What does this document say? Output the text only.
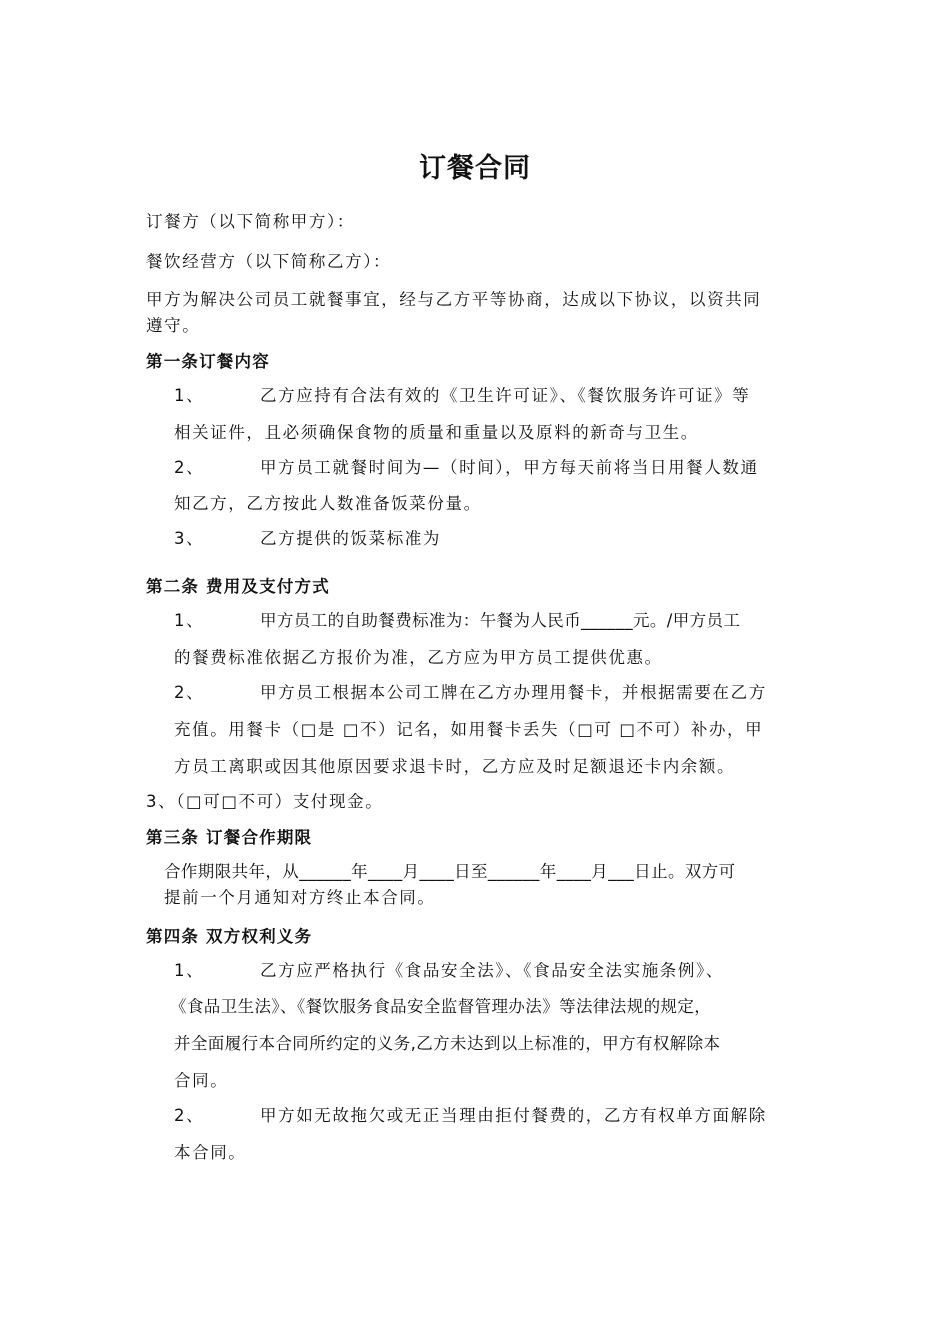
订餐合同
订餐方（以下简称甲方）：
餐饮经营方（以下简称乙方）：
甲方为解决公司员工就餐事宜，经与乙方平等协商，达成以下协议，以资共同
遵守。
第一条订餐内容
1、	乙方应持有合法有效的《卫生许可证》、《餐饮服务许可证》等
相关证件，且必须确保食物的质量和重量以及原料的新奇与卫生。
2、	甲方员工就餐时间为—（时间），甲方每天前将当日用餐人数通
知乙方，乙方按此人数准备饭菜份量。
3、	乙方提供的饭菜标准为
第二条 费用及支付方式
1、	甲方员工的自助餐费标准为：午餐为人民币______元。/甲方员工
的餐费标准依据乙方报价为准，乙方应为甲方员工提供优惠。
2、	甲方员工根据本公司工牌在乙方办理用餐卡，并根据需要在乙方
充值。用餐卡（□是 □不）记名，如用餐卡丢失（□可 □不可）补办，甲
方员工离职或因其他原因要求退卡时，乙方应及时足额退还卡内余额。
3、（□可□不可）支付现金。
第三条 订餐合作期限
合作期限共年，从______年____月____日至______年____月___日止。双方可
提前一个月通知对方终止本合同。
第四条 双方权利义务
1、	乙方应严格执行《食品安全法》、《食品安全法实施条例》、
《食品卫生法》、《餐饮服务食品安全监督管理办法》等法律法规的规定，
并全面履行本合同所约定的义务,乙方未达到以上标准的，甲方有权解除本
合同。
2、	甲方如无故拖欠或无正当理由拒付餐费的，乙方有权单方面解除
本合同。
